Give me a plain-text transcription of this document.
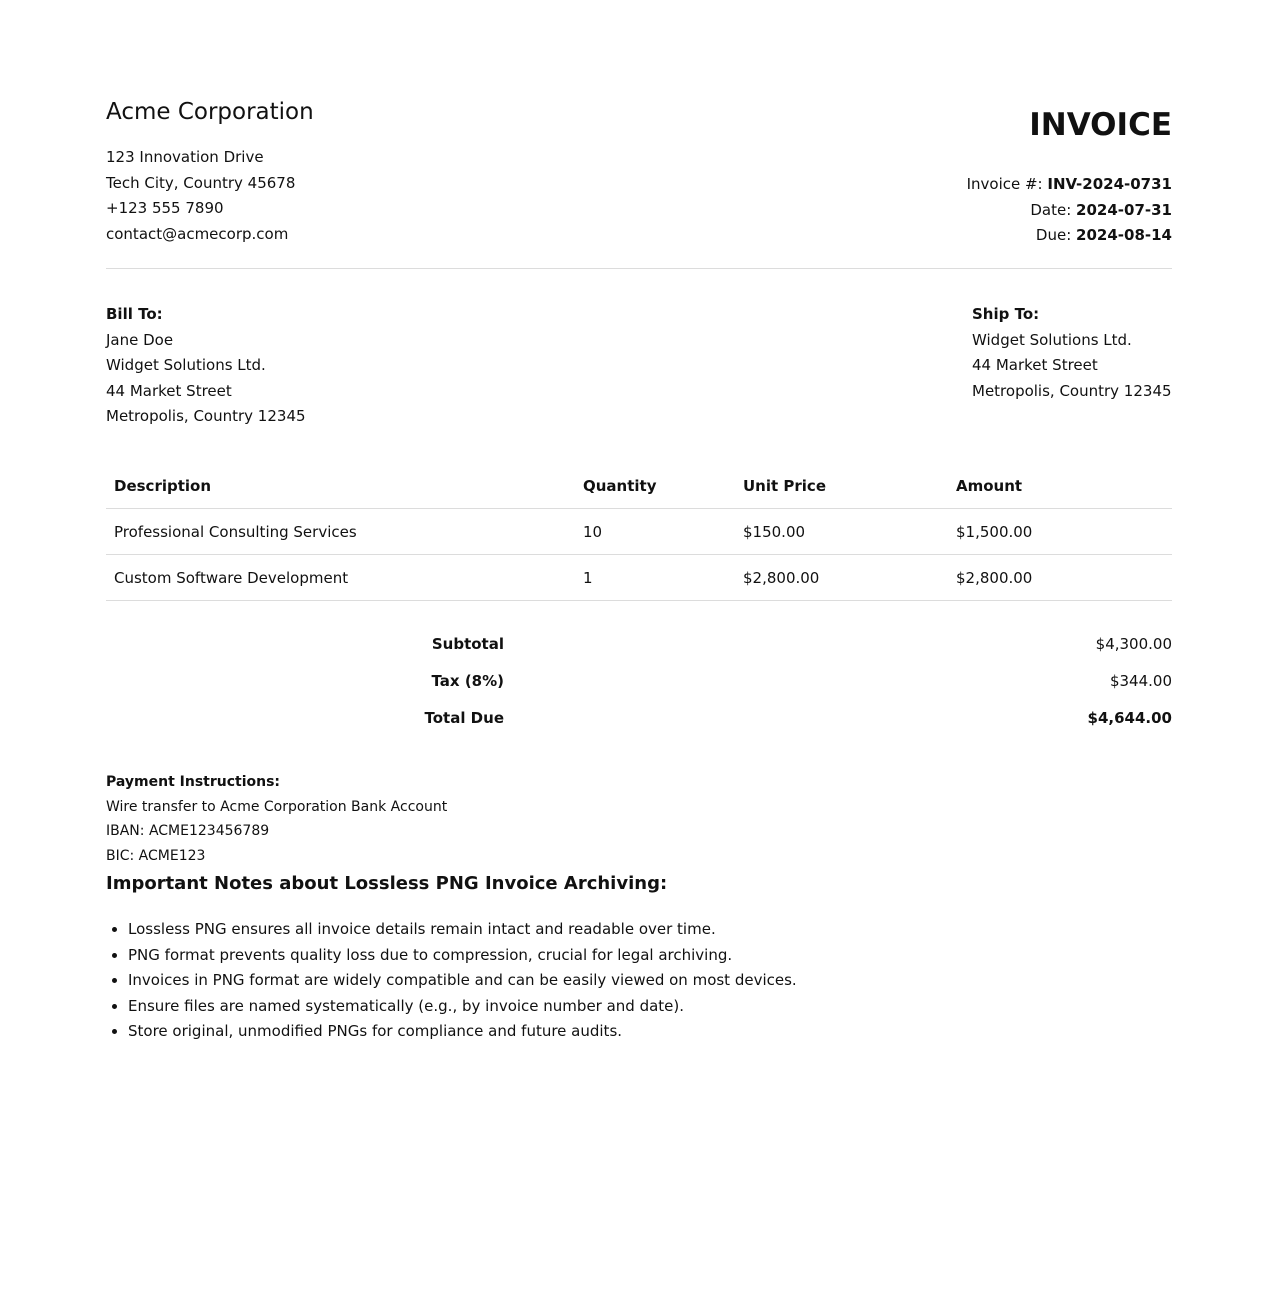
Acme Corporation
123 Innovation Drive
Tech City, Country 45678
+123 555 7890
contact@acmecorp.com
INVOICE
Invoice #: INV-2024-0731
Date: 2024-07-31
Due: 2024-08-14
Bill To:
Jane Doe
Widget Solutions Ltd.
44 Market Street
Metropolis, Country 12345
Ship To:
Widget Solutions Ltd.
44 Market Street
Metropolis, Country 12345
Description	Quantity	Unit Price	Amount
Professional Consulting Services	10	$150.00	$1,500.00
Custom Software Development	1	$2,800.00	$2,800.00
Subtotal	$4,300.00
Tax (8%)	$344.00
Total Due	$4,644.00
Payment Instructions:
Wire transfer to Acme Corporation Bank Account
IBAN: ACME123456789
BIC: ACME123
Important Notes about Lossless PNG Invoice Archiving:
• Lossless PNG ensures all invoice details remain intact and readable over time.
• PNG format prevents quality loss due to compression, crucial for legal archiving.
• Invoices in PNG format are widely compatible and can be easily viewed on most devices.
• Ensure files are named systematically (e.g., by invoice number and date).
• Store original, unmodified PNGs for compliance and future audits.
